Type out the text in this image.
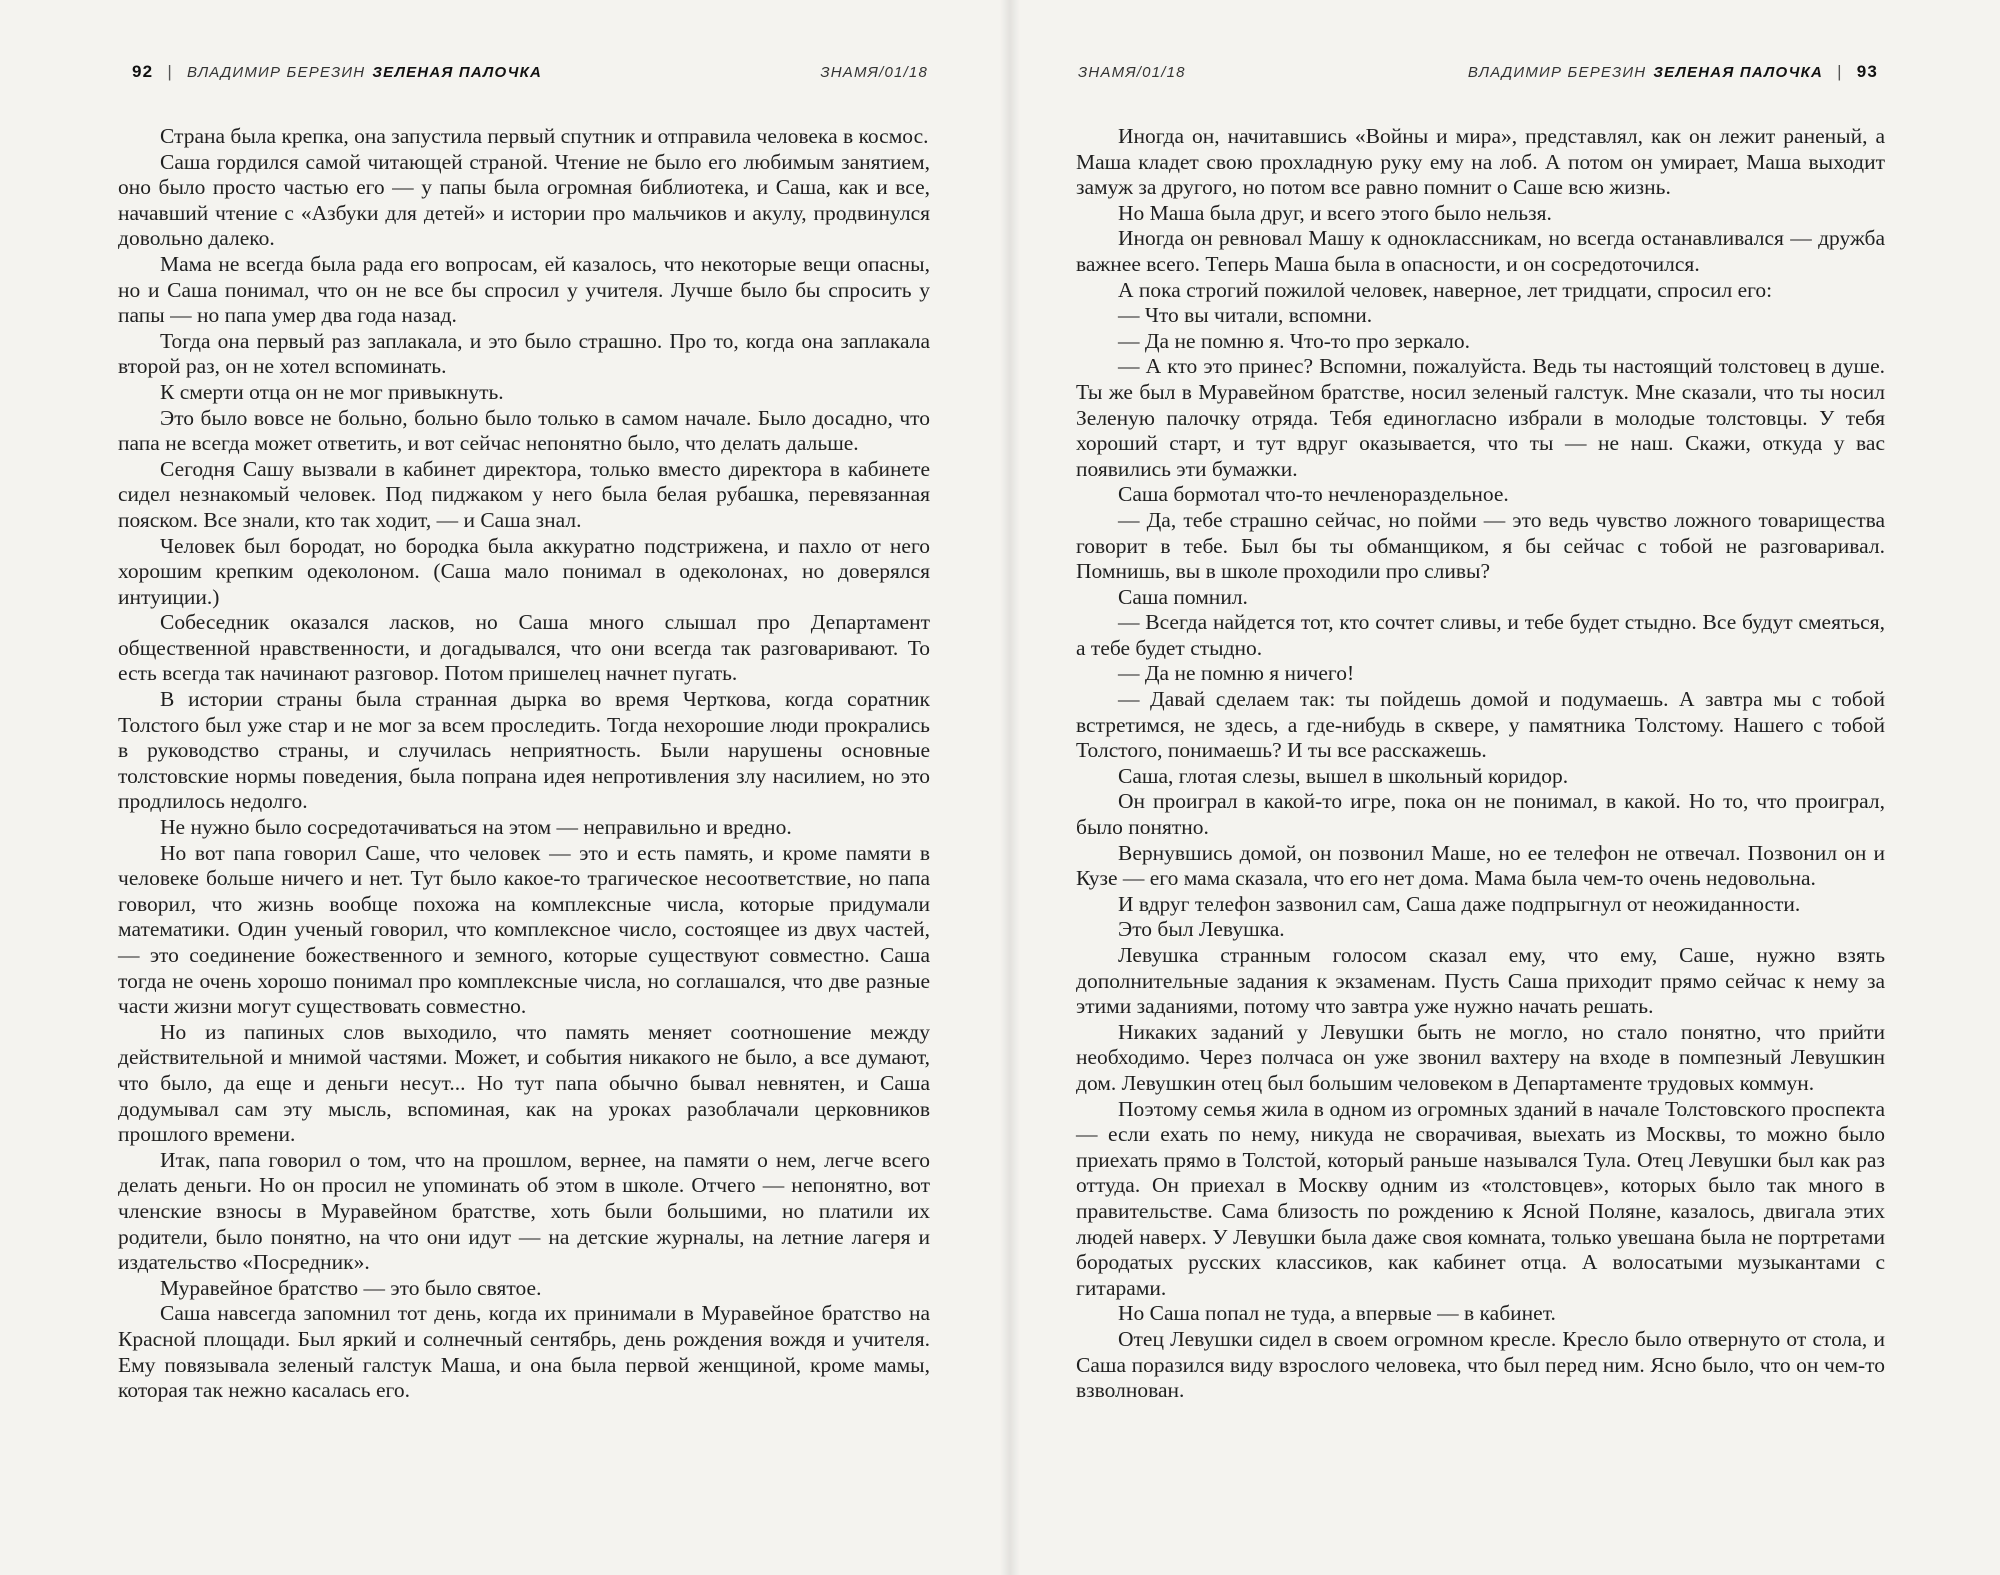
92 | ВЛАДИМИР БЕРЕЗИН ЗЕЛЕНАЯ ПАЛОЧКА	ЗНАМЯ/01/18

Страна была крепка, она запустила первый спутник и отправила человека в космос.

Саша гордился самой читающей страной. Чтение не было его любимым занятием, оно было просто частью его — у папы была огромная библиотека, и Саша, как и все, начавший чтение с «Азбуки для детей» и истории про мальчиков и акулу, продвинулся довольно далеко.

Мама не всегда была рада его вопросам, ей казалось, что некоторые вещи опасны, но и Саша понимал, что он не все бы спросил у учителя. Лучше было бы спросить у папы — но папа умер два года назад.

Тогда она первый раз заплакала, и это было страшно. Про то, когда она заплакала второй раз, он не хотел вспоминать.

К смерти отца он не мог привыкнуть.

Это было вовсе не больно, больно было только в самом начале. Было досадно, что папа не всегда может ответить, и вот сейчас непонятно было, что делать дальше.

Сегодня Сашу вызвали в кабинет директора, только вместо директора в кабинете сидел незнакомый человек. Под пиджаком у него была белая рубашка, перевязанная пояском. Все знали, кто так ходит, — и Саша знал.

Человек был бородат, но бородка была аккуратно подстрижена, и пахло от него хорошим крепким одеколоном. (Саша мало понимал в одеколонах, но доверялся интуиции.)

Собеседник оказался ласков, но Саша много слышал про Департамент общественной нравственности, и догадывался, что они всегда так разговаривают. То есть всегда так начинают разговор. Потом пришелец начнет пугать.

В истории страны была странная дырка во время Черткова, когда соратник Толстого был уже стар и не мог за всем проследить. Тогда нехорошие люди прокрались в руководство страны, и случилась неприятность. Были нарушены основные толстовские нормы поведения, была попрана идея непротивления злу насилием, но это продлилось недолго.

Не нужно было сосредотачиваться на этом — неправильно и вредно.

Но вот папа говорил Саше, что человек — это и есть память, и кроме памяти в человеке больше ничего и нет. Тут было какое-то трагическое несоответствие, но папа говорил, что жизнь вообще похожа на комплексные числа, которые придумали математики. Один ученый говорил, что комплексное число, состоящее из двух частей, — это соединение божественного и земного, которые существуют совместно. Саша тогда не очень хорошо понимал про комплексные числа, но соглашался, что две разные части жизни могут существовать совместно.

Но из папиных слов выходило, что память меняет соотношение между действительной и мнимой частями. Может, и события никакого не было, а все думают, что было, да еще и деньги несут... Но тут папа обычно бывал невнятен, и Саша додумывал сам эту мысль, вспоминая, как на уроках разоблачали церковников прошлого времени.

Итак, папа говорил о том, что на прошлом, вернее, на памяти о нем, легче всего делать деньги. Но он просил не упоминать об этом в школе. Отчего — непонятно, вот членские взносы в Муравейном братстве, хоть были большими, но платили их родители, было понятно, на что они идут — на детские журналы, на летние лагеря и издательство «Посредник».

Муравейное братство — это было святое.

Саша навсегда запомнил тот день, когда их принимали в Муравейное братство на Красной площади. Был яркий и солнечный сентябрь, день рождения вождя и учителя. Ему повязывала зеленый галстук Маша, и она была первой женщиной, кроме мамы, которая так нежно касалась его.

ЗНАМЯ/01/18	ВЛАДИМИР БЕРЕЗИН ЗЕЛЕНАЯ ПАЛОЧКА | 93

Иногда он, начитавшись «Войны и мира», представлял, как он лежит раненый, а Маша кладет свою прохладную руку ему на лоб. А потом он умирает, Маша выходит замуж за другого, но потом все равно помнит о Саше всю жизнь.

Но Маша была друг, и всего этого было нельзя.

Иногда он ревновал Машу к одноклассникам, но всегда останавливался — дружба важнее всего. Теперь Маша была в опасности, и он сосредоточился.

А пока строгий пожилой человек, наверное, лет тридцати, спросил его:

— Что вы читали, вспомни.

— Да не помню я. Что-то про зеркало.

— А кто это принес? Вспомни, пожалуйста. Ведь ты настоящий толстовец в душе. Ты же был в Муравейном братстве, носил зеленый галстук. Мне сказали, что ты носил Зеленую палочку отряда. Тебя единогласно избрали в молодые толстовцы. У тебя хороший старт, и тут вдруг оказывается, что ты — не наш. Скажи, откуда у вас появились эти бумажки.

Саша бормотал что-то нечленораздельное.

— Да, тебе страшно сейчас, но пойми — это ведь чувство ложного товарищества говорит в тебе. Был бы ты обманщиком, я бы сейчас с тобой не разговаривал. Помнишь, вы в школе проходили про сливы?

Саша помнил.

— Всегда найдется тот, кто сочтет сливы, и тебе будет стыдно. Все будут смеяться, а тебе будет стыдно.

— Да не помню я ничего!

— Давай сделаем так: ты пойдешь домой и подумаешь. А завтра мы с тобой встретимся, не здесь, а где-нибудь в сквере, у памятника Толстому. Нашего с тобой Толстого, понимаешь? И ты все расскажешь.

Саша, глотая слезы, вышел в школьный коридор.

Он проиграл в какой-то игре, пока он не понимал, в какой. Но то, что проиграл, было понятно.

Вернувшись домой, он позвонил Маше, но ее телефон не отвечал. Позвонил он и Кузе — его мама сказала, что его нет дома. Мама была чем-то очень недовольна.

И вдруг телефон зазвонил сам, Саша даже подпрыгнул от неожиданности.

Это был Левушка.

Левушка странным голосом сказал ему, что ему, Саше, нужно взять дополнительные задания к экзаменам. Пусть Саша приходит прямо сейчас к нему за этими заданиями, потому что завтра уже нужно начать решать.

Никаких заданий у Левушки быть не могло, но стало понятно, что прийти необходимо. Через полчаса он уже звонил вахтеру на входе в помпезный Левушкин дом. Левушкин отец был большим человеком в Департаменте трудовых коммун.

Поэтому семья жила в одном из огромных зданий в начале Толстовского проспекта — если ехать по нему, никуда не сворачивая, выехать из Москвы, то можно было приехать прямо в Толстой, который раньше назывался Тула. Отец Левушки был как раз оттуда. Он приехал в Москву одним из «толстовцев», которых было так много в правительстве. Сама близость по рождению к Ясной Поляне, казалось, двигала этих людей наверх. У Левушки была даже своя комната, только увешана была не портретами бородатых русских классиков, как кабинет отца. А волосатыми музыкантами с гитарами.

Но Саша попал не туда, а впервые — в кабинет.

Отец Левушки сидел в своем огромном кресле. Кресло было отвернуто от стола, и Саша поразился виду взрослого человека, что был перед ним. Ясно было, что он чем-то взволнован.
